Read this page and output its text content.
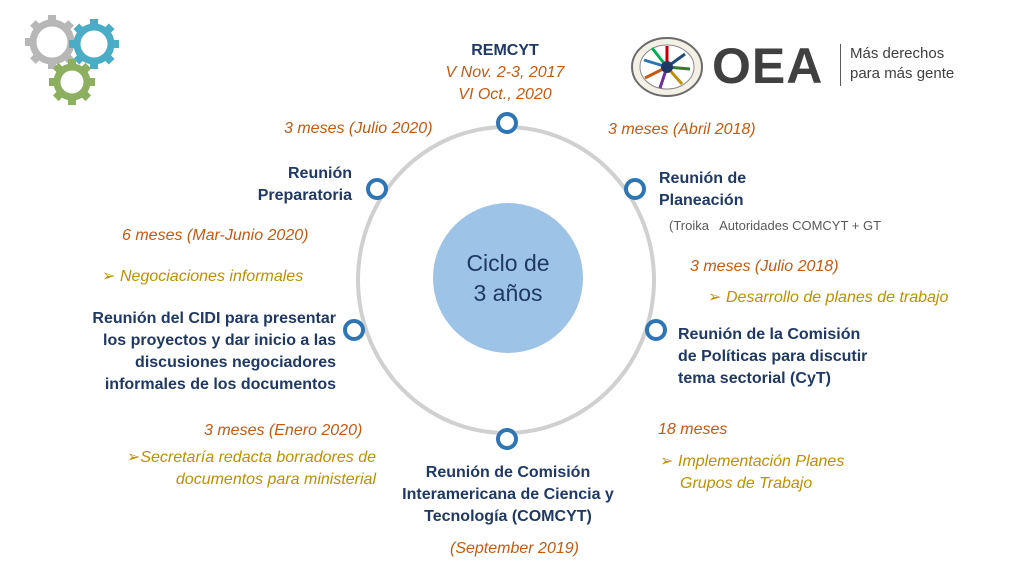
OEA Más derechos
para más gente
Ciclo de
3 años
REMCYT
V Nov. 2-3, 2017
VI Oct., 2020
3 meses (Julio 2020)	3 meses (Abril 2018)
6 meses (Mar-Junio 2020)
3 meses (Julio 2018)
3 meses (Enero 2020)	18 meses
Reunión
Preparatoria
Reunión de
Planeación
(Troika   Autoridades COMCYT + GT
➢ Negociaciones informales
➢ Desarrollo de planes de trabajo
Reunión del CIDI para presentar
los proyectos y dar inicio a las
discusiones negociadores
informales de los documentos
Reunión de la Comisión
de Políticas para discutir
tema sectorial (CyT)
➢Secretaría redacta borradores de
documentos para ministerial
➢ Implementación Planes
Grupos de Trabajo
Reunión de Comisión
Interamericana de Ciencia y
Tecnología (COMCYT)
(September 2019)
